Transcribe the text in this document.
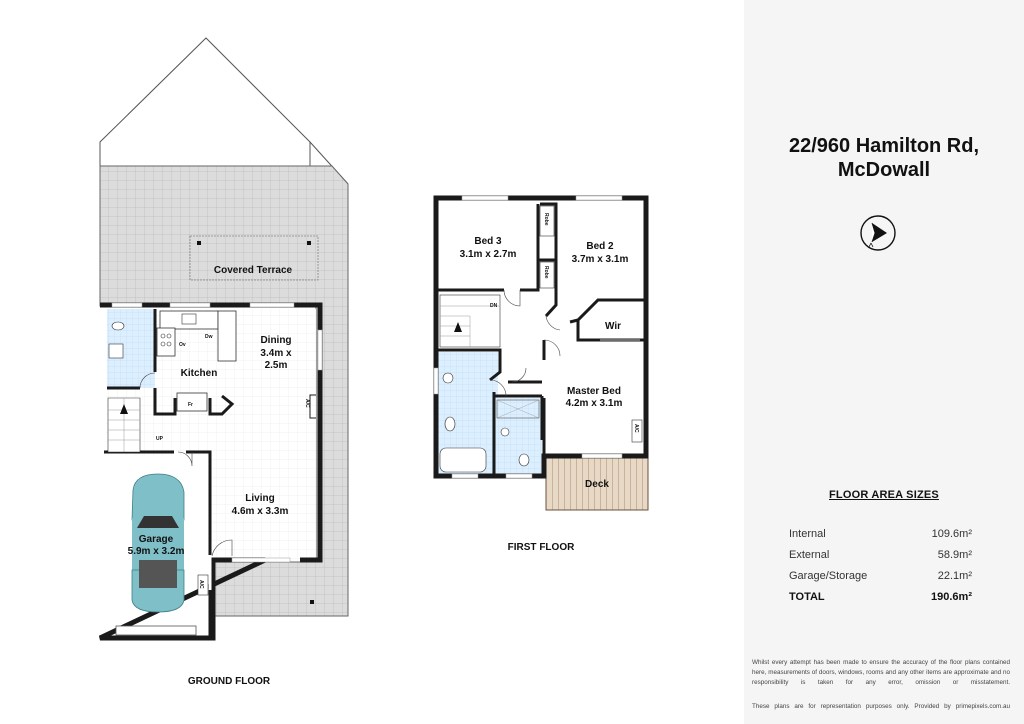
Covered Terrace
Dining
3.4m x
2.5m
Kitchen
Living
4.6m x 3.3m
Garage
5.9m x 3.2m
Dw
Ov
Fr
UP
A/C
A/C
GROUND FLOOR
Bed 3
3.1m x 2.7m
Bed 2
3.7m x 3.1m
Wir
Master Bed
4.2m x 3.1m
Deck
DN
Robe
Robe
A/C
FIRST FLOOR
22/960 Hamilton Rd,
McDowall
FLOOR AREA SIZES
Internal	109.6m²
External	58.9m²
Garage/Storage	22.1m²
TOTAL	190.6m²
Whilst every attempt has been made to ensure the accuracy of the floor plans contained here, measurements of doors, windows, rooms and any other items are approximate and no responsibility is taken for any error, omission or misstatement.
These plans are for representation purposes only. Provided by primepixels.com.au
